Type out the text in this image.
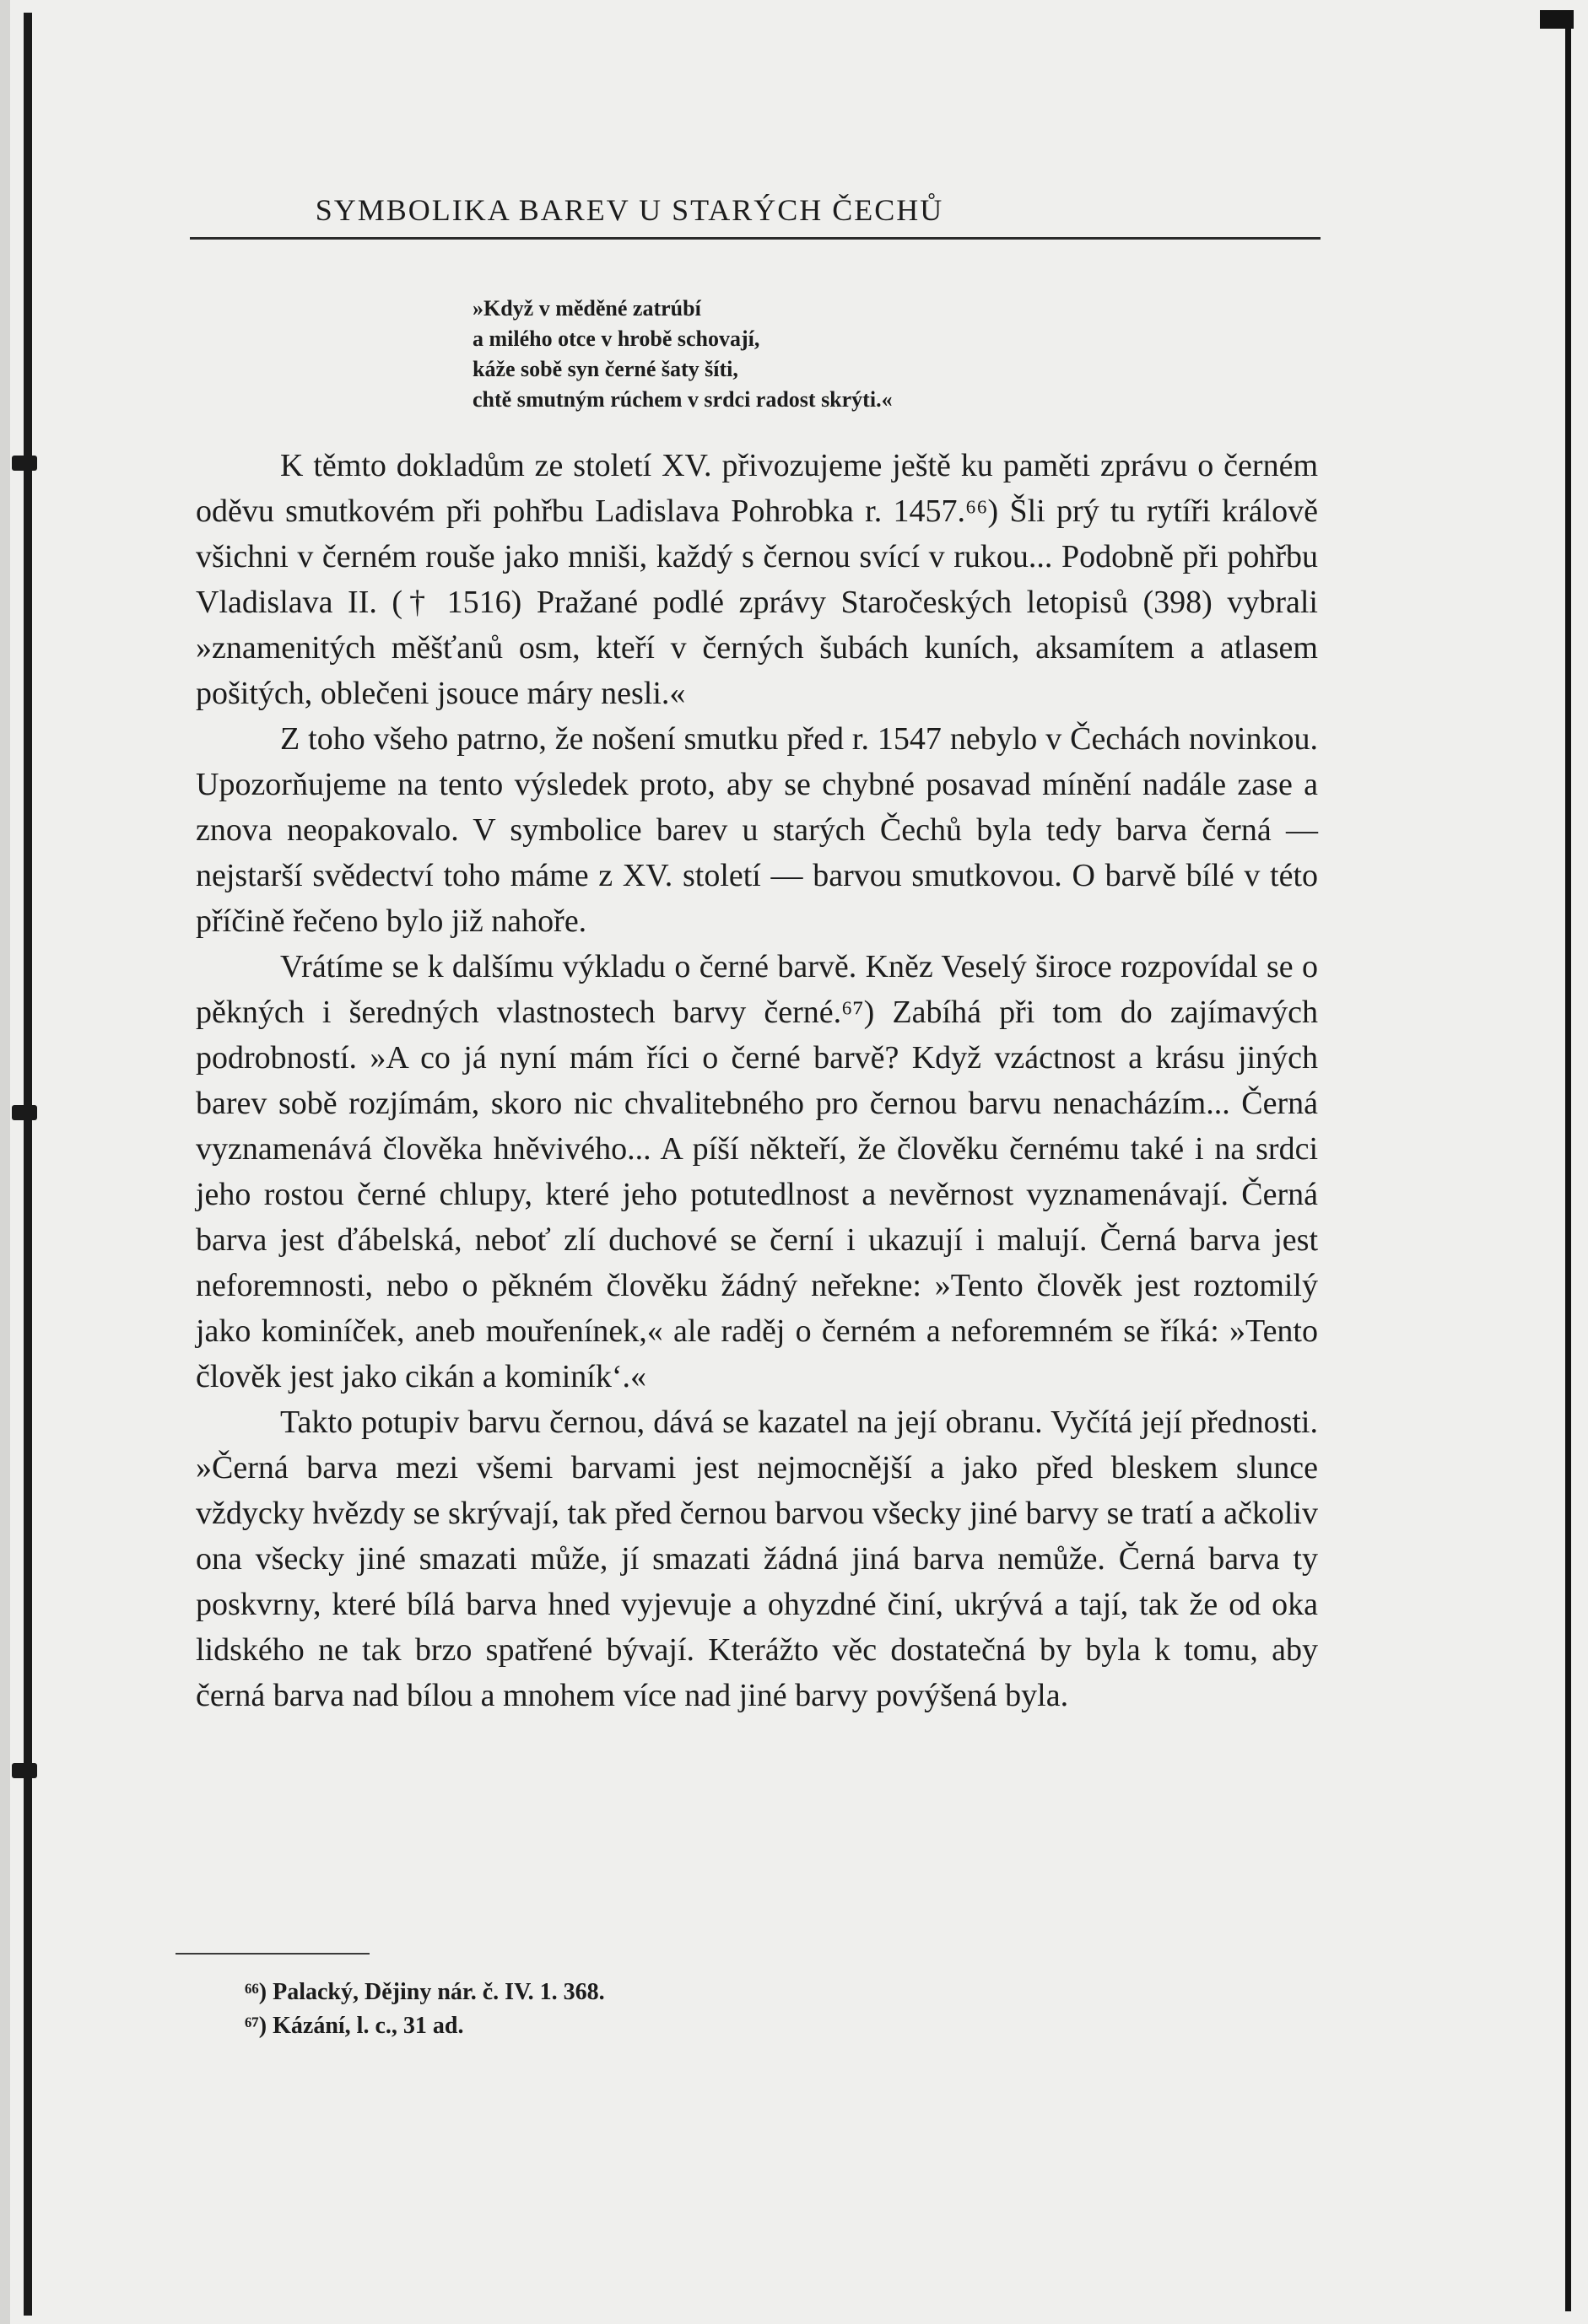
SYMBOLIKA BAREV U STARÝCH ČECHŮ
»Když v měděné zatrúbí
a milého otce v hrobě schovají,
káže sobě syn černé šaty šíti,
chtě smutným rúchem v srdci radost skrýti.«

K těmto dokladům ze století XV. přivozujeme ještě ku paměti zprávu o černém oděvu smutkovém při pohřbu Ladislava Pohrobka r. 1457.⁶⁶) Šli prý tu rytíři králově všichni v černém rouše jako mniši, každý s černou svící v rukou... Podobně při pohřbu Vladislava II. († 1516) Pražané podlé zprávy Staročeských letopisů (398) vybrali »znamenitých měšťanů osm, kteří v černých šubách kuních, aksamítem a atlasem pošitých, oblečeni jsouce máry nesli.«

Z toho všeho patrno, že nošení smutku před r. 1547 nebylo v Čechách novinkou. Upozorňujeme na tento výsledek proto, aby se chybné posavad mínění nadále zase a znova neopakovalo. V symbolice barev u starých Čechů byla tedy barva černá — nejstarší svědectví toho máme z XV. století — barvou smutkovou. O barvě bílé v této příčině řečeno bylo již nahoře.

Vrátíme se k dalšímu výkladu o černé barvě. Kněz Veselý široce rozpovídal se o pěkných i šeredných vlastnostech barvy černé.⁶⁷) Zabíhá při tom do zajímavých podrobností. »A co já nyní mám říci o černé barvě? Když vzáctnost a krásu jiných barev sobě rozjímám, skoro nic chvalitebného pro černou barvu nenacházím... Černá vyznamenává člověka hněvivého... A píší někteří, že člověku černému také i na srdci jeho rostou černé chlupy, které jeho potutedlnost a nevěrnost vyznamenávají. Černá barva jest ďábelská, neboť zlí duchové se černí i ukazují i malují. Černá barva jest neforemnosti, nebo o pěkném člověku žádný neřekne: »Tento člověk jest roztomilý jako kominíček, aneb mouřenínek,« ale raděj o černém a neforemném se říká: »Tento člověk jest jako cikán a kominík‘.«

Takto potupiv barvu černou, dává se kazatel na její obranu. Vyčítá její přednosti. »Černá barva mezi všemi barvami jest nejmocnější a jako před bleskem slunce vždycky hvězdy se skrývají, tak před černou barvou všecky jiné barvy se tratí a ačkoliv ona všecky jiné smazati může, jí smazati žádná jiná barva nemůže. Černá barva ty poskvrny, které bílá barva hned vyjevuje a ohyzdné činí, ukrývá a tají, tak že od oka lidského ne tak brzo spatřené bývají. Kterážto věc dostatečná by byla k tomu, aby černá barva nad bílou a mnohem více nad jiné barvy povýšená byla.

⁶⁶) Palacký, Dějiny nár. č. IV. 1. 368.
⁶⁷) Kázání, l. c., 31 ad.
